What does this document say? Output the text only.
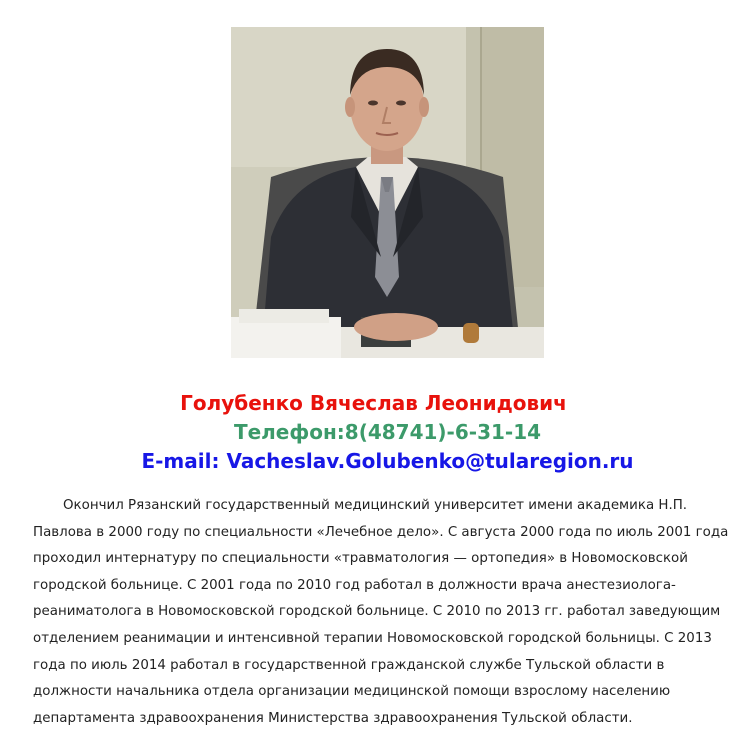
Голубенко Вячеслав Леонидович
Телефон:8(48741)-6-31-14
E-mail: Vacheslav.Golubenko@tularegion.ru

Окончил Рязанский государственный медицинский университет имени академика Н.П. Павлова в 2000 году по специальности «Лечебное дело». С августа 2000 года по июль 2001 года проходил интернатуру по специальности «травматология — ортопедия» в Новомосковской городской больнице. С 2001 года по 2010 год работал в должности врача анестезиолога-реаниматолога в Новомосковской городской больнице. С 2010 по 2013 гг. работал заведующим отделением реанимации и интенсивной терапии Новомосковской городской больницы. С 2013 года по июль 2014 работал в государственной гражданской службе Тульской области в должности начальника отдела организации медицинской помощи взрослому населению департамента здравоохранения Министерства здравоохранения Тульской области.
